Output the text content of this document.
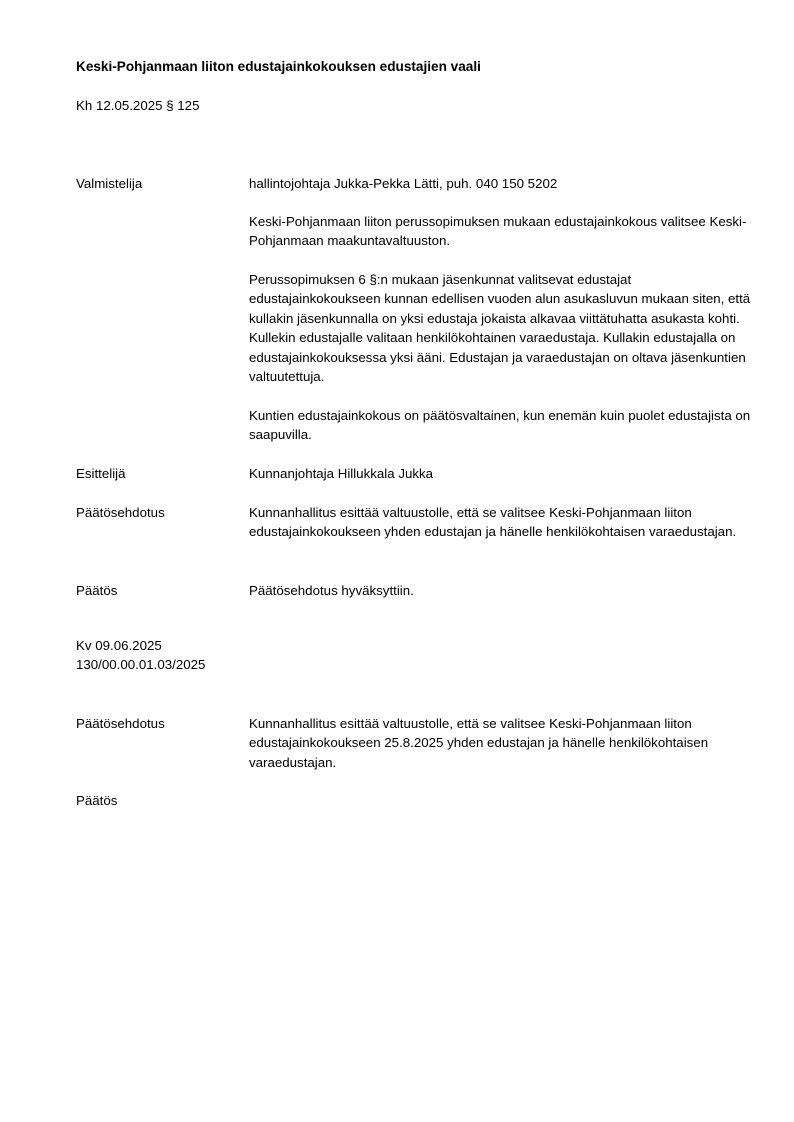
Keski-Pohjanmaan liiton edustajainkokouksen edustajien vaali
Kh 12.05.2025 § 125
Valmistelija	hallintojohtaja Jukka-Pekka Lätti, puh. 040 150 5202

Keski-Pohjanmaan liiton perussopimuksen mukaan edustajainkokous valitsee Keski-Pohjanmaan maakuntavaltuuston.

Perussopimuksen 6 §:n mukaan jäsenkunnat valitsevat edustajat edustajainkokoukseen kunnan edellisen vuoden alun asukasluvun mukaan siten, että kullakin jäsenkunnalla on yksi edustaja jokaista alkavaa viittätuhatta asukasta kohti. Kullekin edustajalle valitaan henkilökohtainen varaedustaja. Kullakin edustajalla on edustajainkokouksessa yksi ääni. Edustajan ja varaedustajan on oltava jäsenkuntien valtuutettuja.

Kuntien edustajainkokous on päätösvaltainen, kun enemän kuin puolet edustajista on saapuvilla.

Esittelijä	Kunnanjohtaja Hillukkala Jukka
Päätösehdotus	Kunnanhallitus esittää valtuustolle, että se valitsee Keski-Pohjanmaan liiton edustajainkokoukseen yhden edustajan ja hänelle henkilökohtaisen varaedustajan.

Päätös	Päätösehdotus hyväksyttiin.
Kv 09.06.2025
130/00.00.01.03/2025
Päätösehdotus	Kunnanhallitus esittää valtuustolle, että se valitsee Keski-Pohjanmaan liiton edustajainkokoukseen 25.8.2025 yhden edustajan ja hänelle henkilökohtaisen varaedustajan.

Päätös
